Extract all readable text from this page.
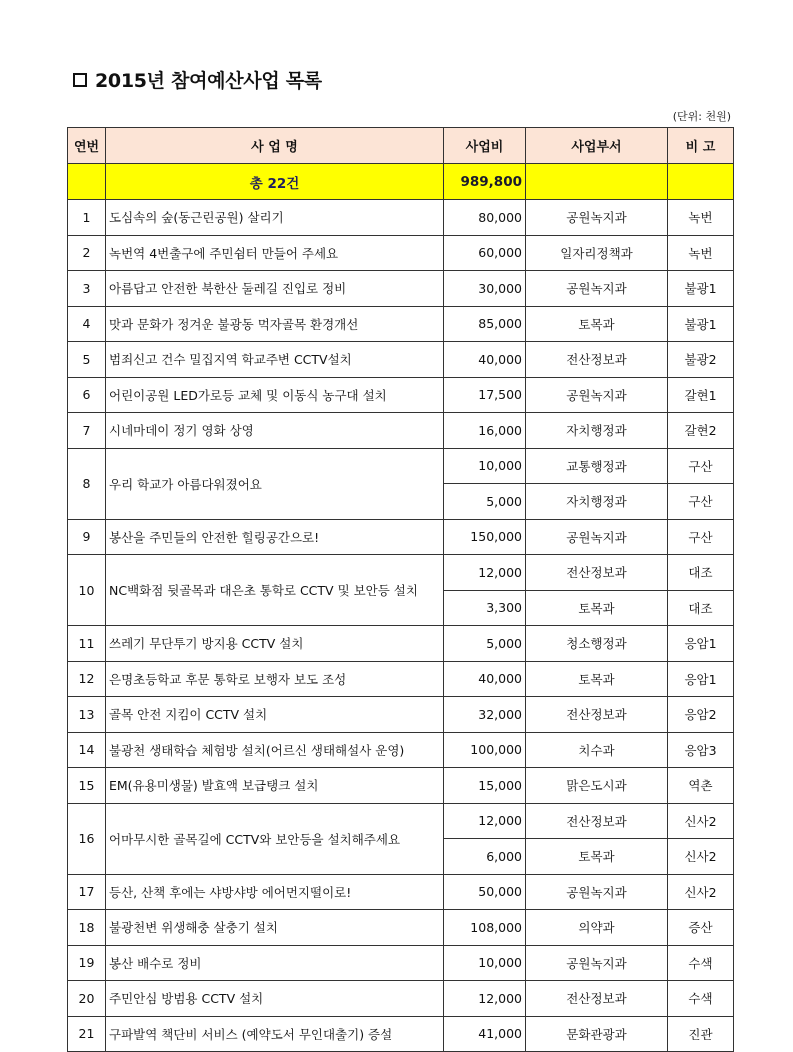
2015년 참여예산사업 목록
(단위: 천원)
연번	사 업 명	사업비	사업부서	비 고
	총 22건	989,800		
1	도심속의 숲(동근린공원) 살리기	80,000	공원녹지과	녹번
2	녹번역 4번출구에 주민쉼터 만들어 주세요	60,000	일자리정책과	녹번
3	아름답고 안전한 북한산 둘레길 진입로 정비	30,000	공원녹지과	불광1
4	맛과 문화가 정겨운 불광동 먹자골목 환경개선	85,000	토목과	불광1
5	범죄신고 건수 밀집지역 학교주변 CCTV설치	40,000	전산정보과	불광2
6	어린이공원 LED가로등 교체 및 이동식 농구대 설치	17,500	공원녹지과	갈현1
7	시네마데이 정기 영화 상영	16,000	자치행정과	갈현2
8	우리 학교가 아름다워졌어요	10,000	교통행정과	구산
		5,000	자치행정과	구산
9	봉산을 주민들의 안전한 힐링공간으로!	150,000	공원녹지과	구산
10	NC백화점 뒷골목과 대은초 통학로 CCTV 및 보안등 설치	12,000	전산정보과	대조
		3,300	토목과	대조
11	쓰레기 무단투기 방지용 CCTV 설치	5,000	청소행정과	응암1
12	은명초등학교 후문 통학로 보행자 보도 조성	40,000	토목과	응암1
13	골목 안전 지킴이 CCTV 설치	32,000	전산정보과	응암2
14	불광천 생태학습 체험방 설치(어르신 생태해설사 운영)	100,000	치수과	응암3
15	EM(유용미생물) 발효액 보급탱크 설치	15,000	맑은도시과	역촌
16	어마무시한 골목길에 CCTV와 보안등을 설치해주세요	12,000	전산정보과	신사2
		6,000	토목과	신사2
17	등산, 산책 후에는 샤방샤방 에어먼지떨이로!	50,000	공원녹지과	신사2
18	불광천변 위생해충 살충기 설치	108,000	의약과	증산
19	봉산 배수로 정비	10,000	공원녹지과	수색
20	주민안심 방범용 CCTV 설치	12,000	전산정보과	수색
21	구파발역 책단비 서비스 (예약도서 무인대출기) 증설	41,000	문화관광과	진관
